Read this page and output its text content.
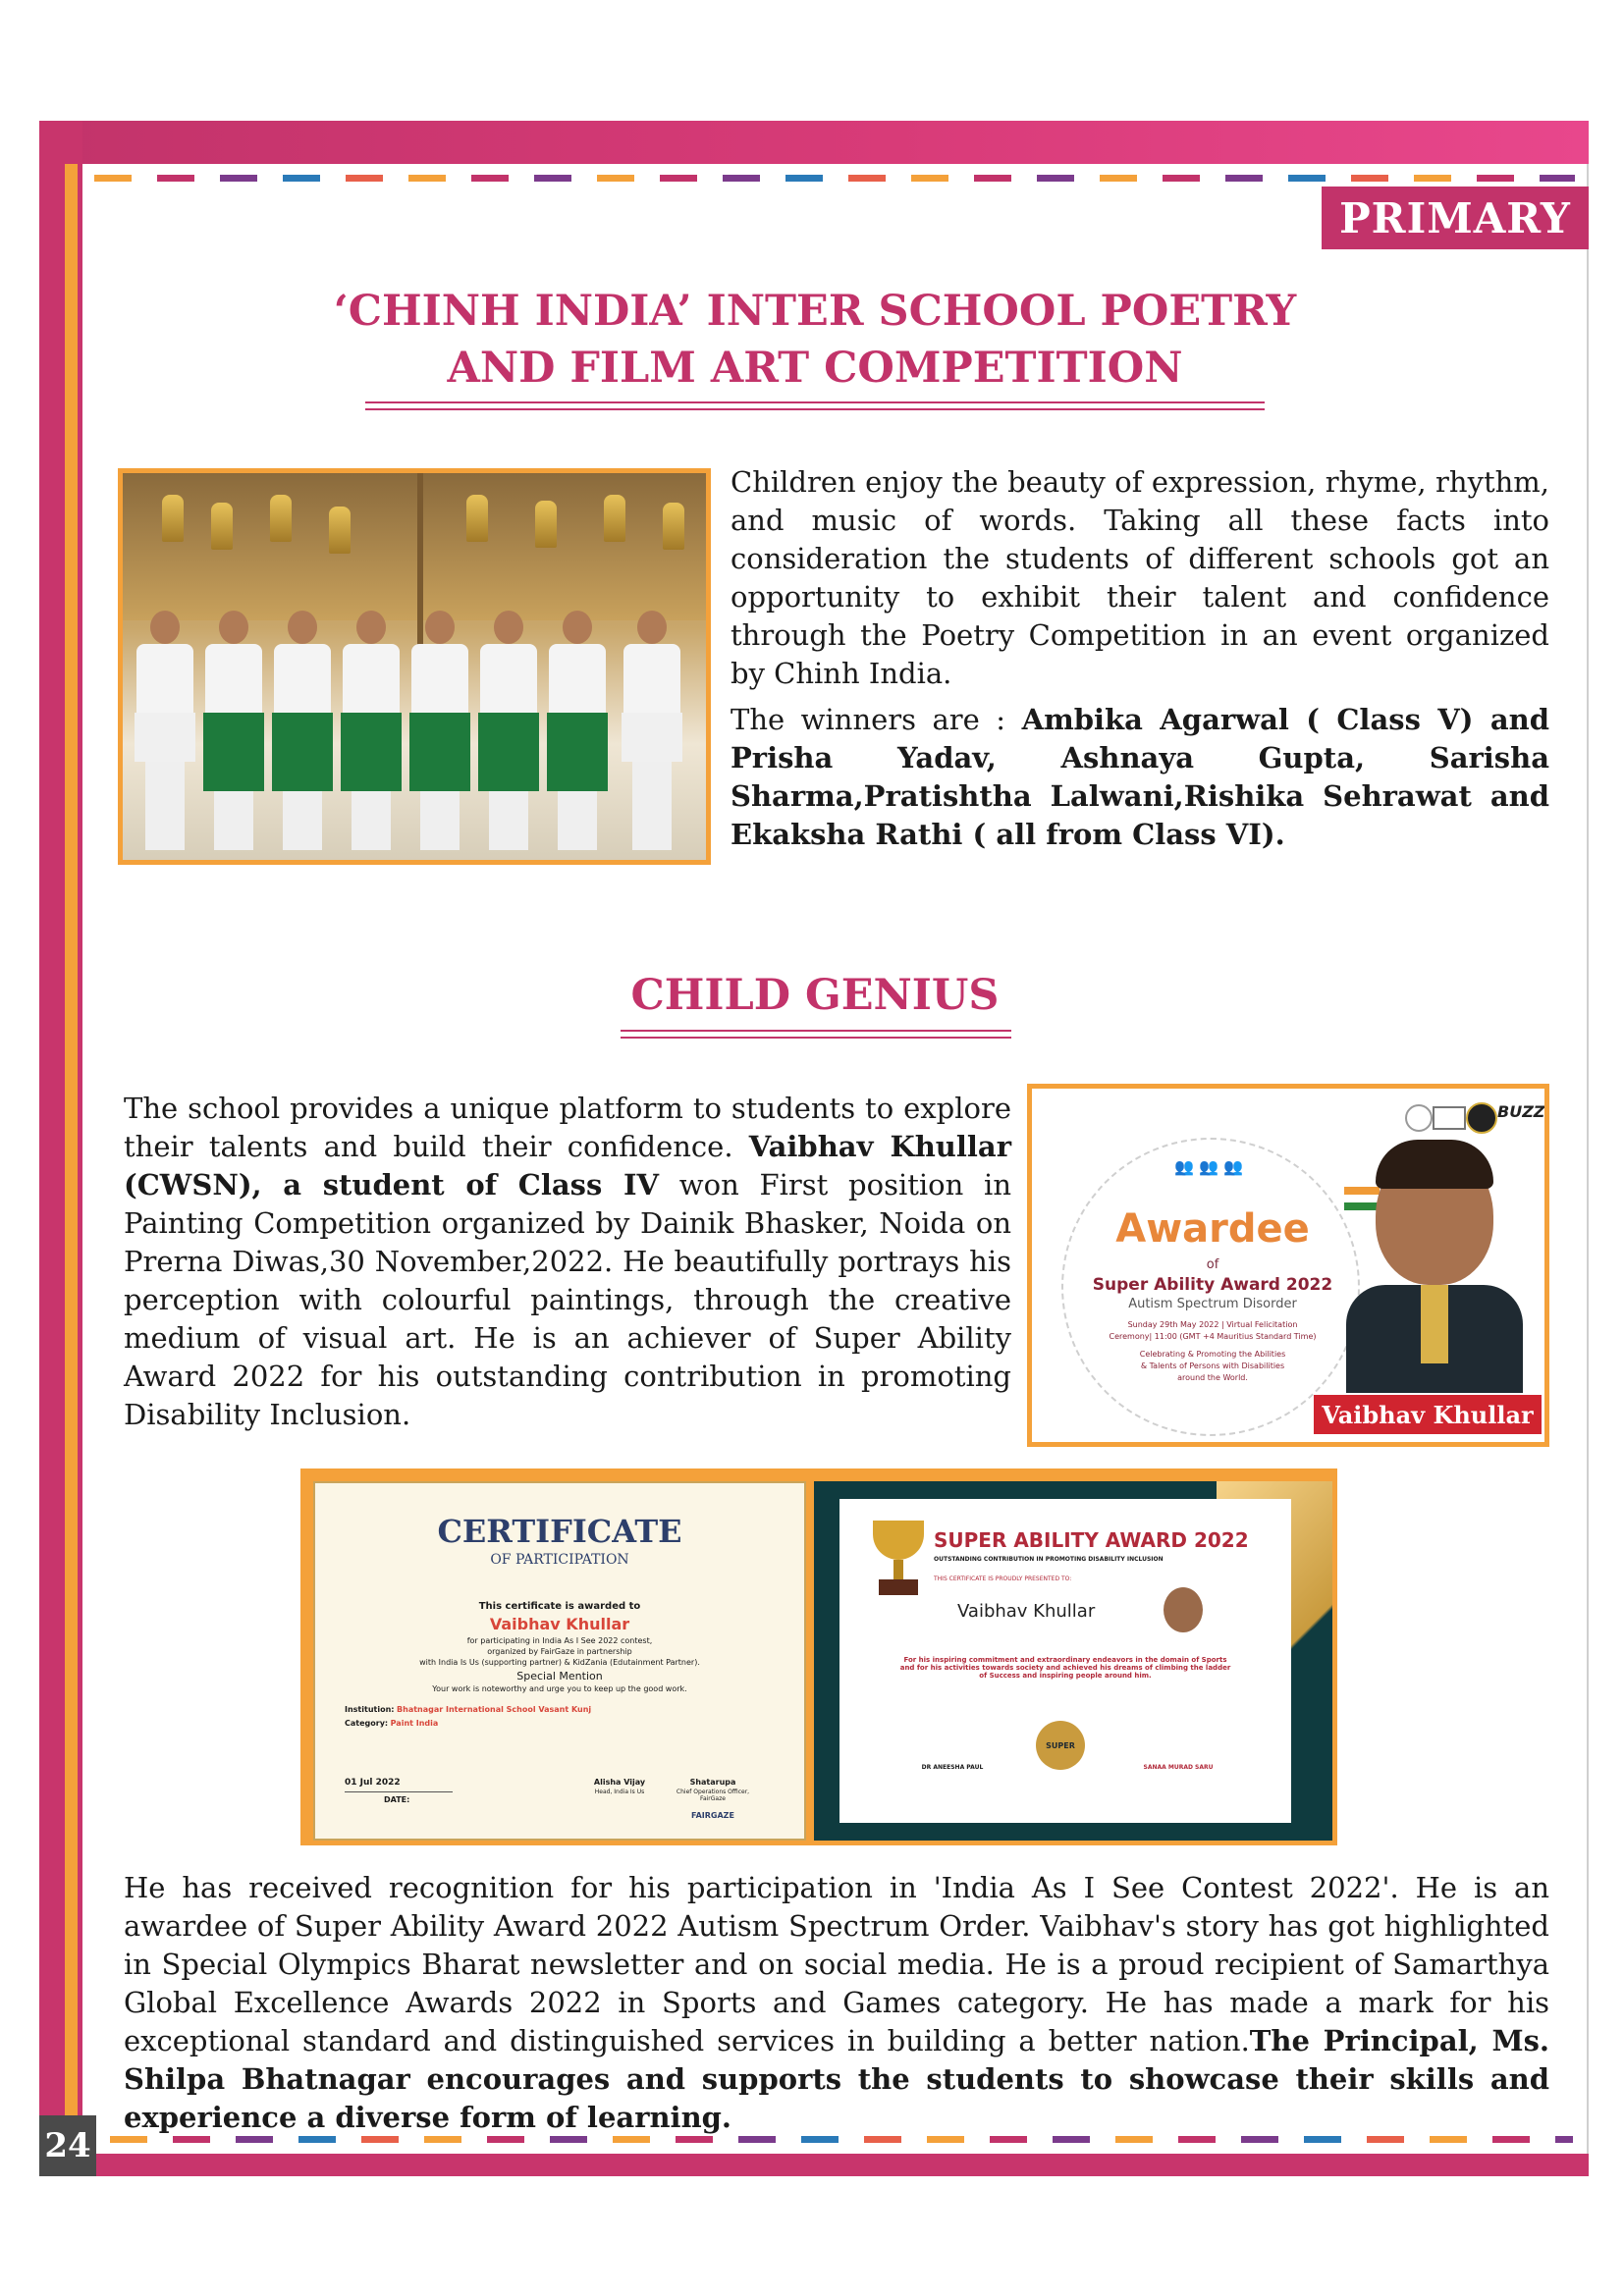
PRIMARY
‘CHINH INDIA’ INTER SCHOOL POETRY
AND FILM ART COMPETITION
Children enjoy the beauty of expression, rhyme, rhythm, and music of words. Taking all these facts into consideration the students of different schools got an opportunity to exhibit their talent and confidence through the Poetry Competition in an event organized by Chinh India.
The winners are : Ambika Agarwal ( Class V) and Prisha Yadav, Ashnaya Gupta, Sarisha Sharma,Pratishtha Lalwani,Rishika Sehrawat and Ekaksha Rathi ( all from Class VI).
CHILD GENIUS
The school provides a unique platform to students to explore their talents and build their confidence. Vaibhav Khullar (CWSN), a student of Class IV won First position in Painting Competition organized by Dainik Bhasker, Noida on Prerna Diwas,30 November,2022. He beautifully portrays his perception with colourful paintings, through the creative medium of visual art. He is an achiever of Super Ability Award 2022 for his outstanding contribution in promoting Disability Inclusion.
👥 👥 👥
Awardee
of
Super Ability Award 2022
Autism Spectrum Disorder
Sunday 29th May 2022 | Virtual Felicitation
Ceremony| 11:00 (GMT +4 Mauritius Standard Time)
Celebrating & Promoting the Abilities
& Talents of Persons with Disabilities
around the World.
BUZZ
Vaibhav Khullar
CERTIFICATE
OF PARTICIPATION
This certificate is awarded to
Vaibhav Khullar
for participating in India As I See 2022 contest,
organized by FairGaze in partnership
with India Is Us (supporting partner) & KidZania (Edutainment Partner).
Special Mention
Your work is noteworthy and urge you to keep up the good work.
Institution: Bhatnagar International School Vasant Kunj
Category: Paint India
01 Jul 2022
DATE:
Alisha Vijay
Head, India Is Us
Shatarupa
Chief Operations Officer, FairGaze
FAIRGAZE
SUPER ABILITY AWARD 2022
OUTSTANDING CONTRIBUTION IN PROMOTING DISABILITY INCLUSION
THIS CERTIFICATE IS PROUDLY PRESENTED TO:
Vaibhav Khullar
For his inspiring commitment and extraordinary endeavors in the domain of Sports and for his activities towards society and achieved his dreams of climbing the ladder of Success and inspiring people around him.
DR ANEESHA PAUL
SUPER
SANAA MURAD SARU
He has received recognition for his participation in 'India As I See Contest 2022'. He is an awardee of Super Ability Award 2022 Autism Spectrum Order. Vaibhav's story has got highlighted in Special Olympics Bharat newsletter and on social media. He is a proud recipient of Samarthya Global Excellence Awards 2022 in Sports and Games category. He has made a mark for his exceptional standard and distinguished services in building a better nation.The Principal, Ms. Shilpa Bhatnagar encourages and supports the students to showcase their skills and experience a diverse form of learning.
24
